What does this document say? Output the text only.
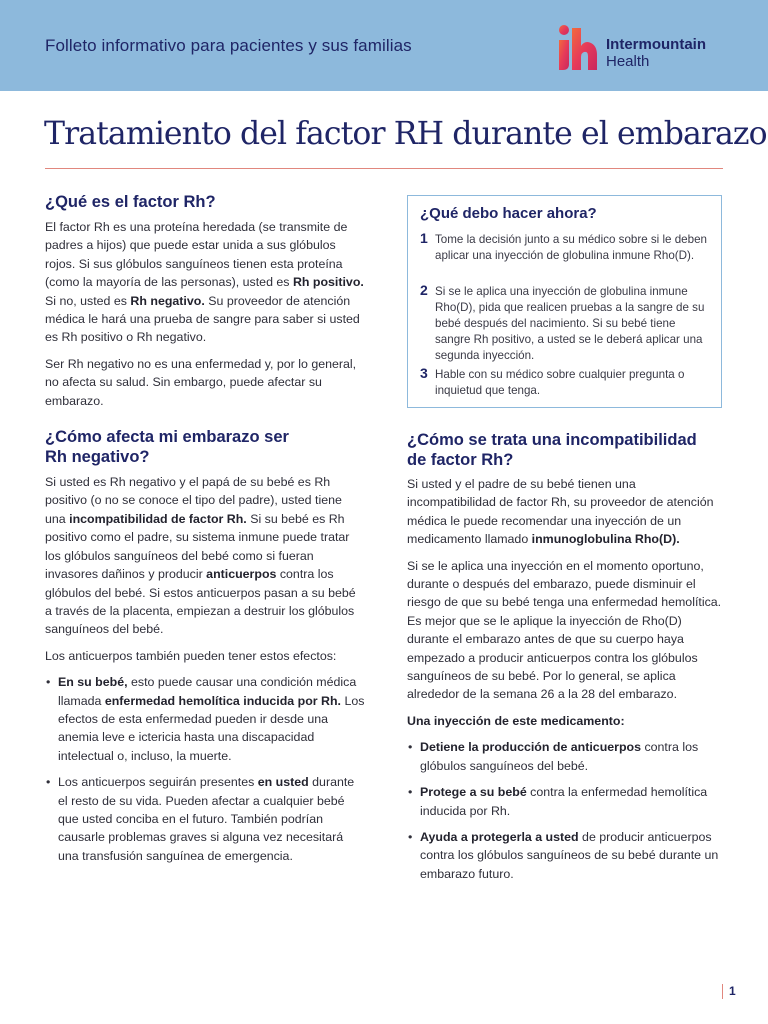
Folleto informativo para pacientes y sus familias	Intermountain
Health
Tratamiento del factor RH durante el embarazo
¿Qué es el factor Rh?

El factor Rh es una proteína heredada (se transmite de padres a hijos) que puede estar unida a sus glóbulos rojos. Si sus glóbulos sanguíneos tienen esta proteína (como la mayoría de las personas), usted es Rh positivo. Si no, usted es Rh negativo. Su proveedor de atención médica le hará una prueba de sangre para saber si usted es Rh positivo o Rh negativo.

Ser Rh negativo no es una enfermedad y, por lo general, no afecta su salud. Sin embargo, puede afectar su embarazo.

¿Cómo afecta mi embarazo ser
Rh negativo?

Si usted es Rh negativo y el papá de su bebé es Rh positivo (o no se conoce el tipo del padre), usted tiene una incompatibilidad de factor Rh. Si su bebé es Rh positivo como el padre, su sistema inmune puede tratar los glóbulos sanguíneos del bebé como si fueran invasores dañinos y producir anticuerpos contra los glóbulos del bebé. Si estos anticuerpos pasan a su bebé a través de la placenta, empiezan a destruir los glóbulos sanguíneos del bebé.

Los anticuerpos también pueden tener estos efectos:

• En su bebé, esto puede causar una condición médica llamada enfermedad hemolítica inducida por Rh. Los efectos de esta enfermedad pueden ir desde una anemia leve e ictericia hasta una discapacidad intelectual o, incluso, la muerte.
• Los anticuerpos seguirán presentes en usted durante el resto de su vida. Pueden afectar a cualquier bebé que usted conciba en el futuro. También podrían causarle problemas graves si alguna vez necesitará una transfusión sanguínea de emergencia.
¿Qué debo hacer ahora?
1 Tome la decisión junto a su médico sobre si le deben aplicar una inyección de globulina inmune Rho(D).
2 Si se le aplica una inyección de globulina inmune Rho(D), pida que realicen pruebas a la sangre de su bebé después del nacimiento. Si su bebé tiene sangre Rh positivo, a usted se le deberá aplicar una segunda inyección.
3 Hable con su médico sobre cualquier pregunta o inquietud que tenga.
¿Cómo se trata una incompatibilidad
de factor Rh?

Si usted y el padre de su bebé tienen una incompatibilidad de factor Rh, su proveedor de atención médica le puede recomendar una inyección de un medicamento llamado inmunoglobulina Rho(D).

Si se le aplica una inyección en el momento oportuno, durante o después del embarazo, puede disminuir el riesgo de que su bebé tenga una enfermedad hemolítica. Es mejor que se le aplique la inyección de Rho(D) durante el embarazo antes de que su cuerpo haya empezado a producir anticuerpos contra los glóbulos sanguíneos de su bebé. Por lo general, se aplica alrededor de la semana 26 a la 28 del embarazo.

Una inyección de este medicamento:

• Detiene la producción de anticuerpos contra los glóbulos sanguíneos del bebé.
• Protege a su bebé contra la enfermedad hemolítica inducida por Rh.
• Ayuda a protegerla a usted de producir anticuerpos contra los glóbulos sanguíneos de su bebé durante un embarazo futuro.
1
